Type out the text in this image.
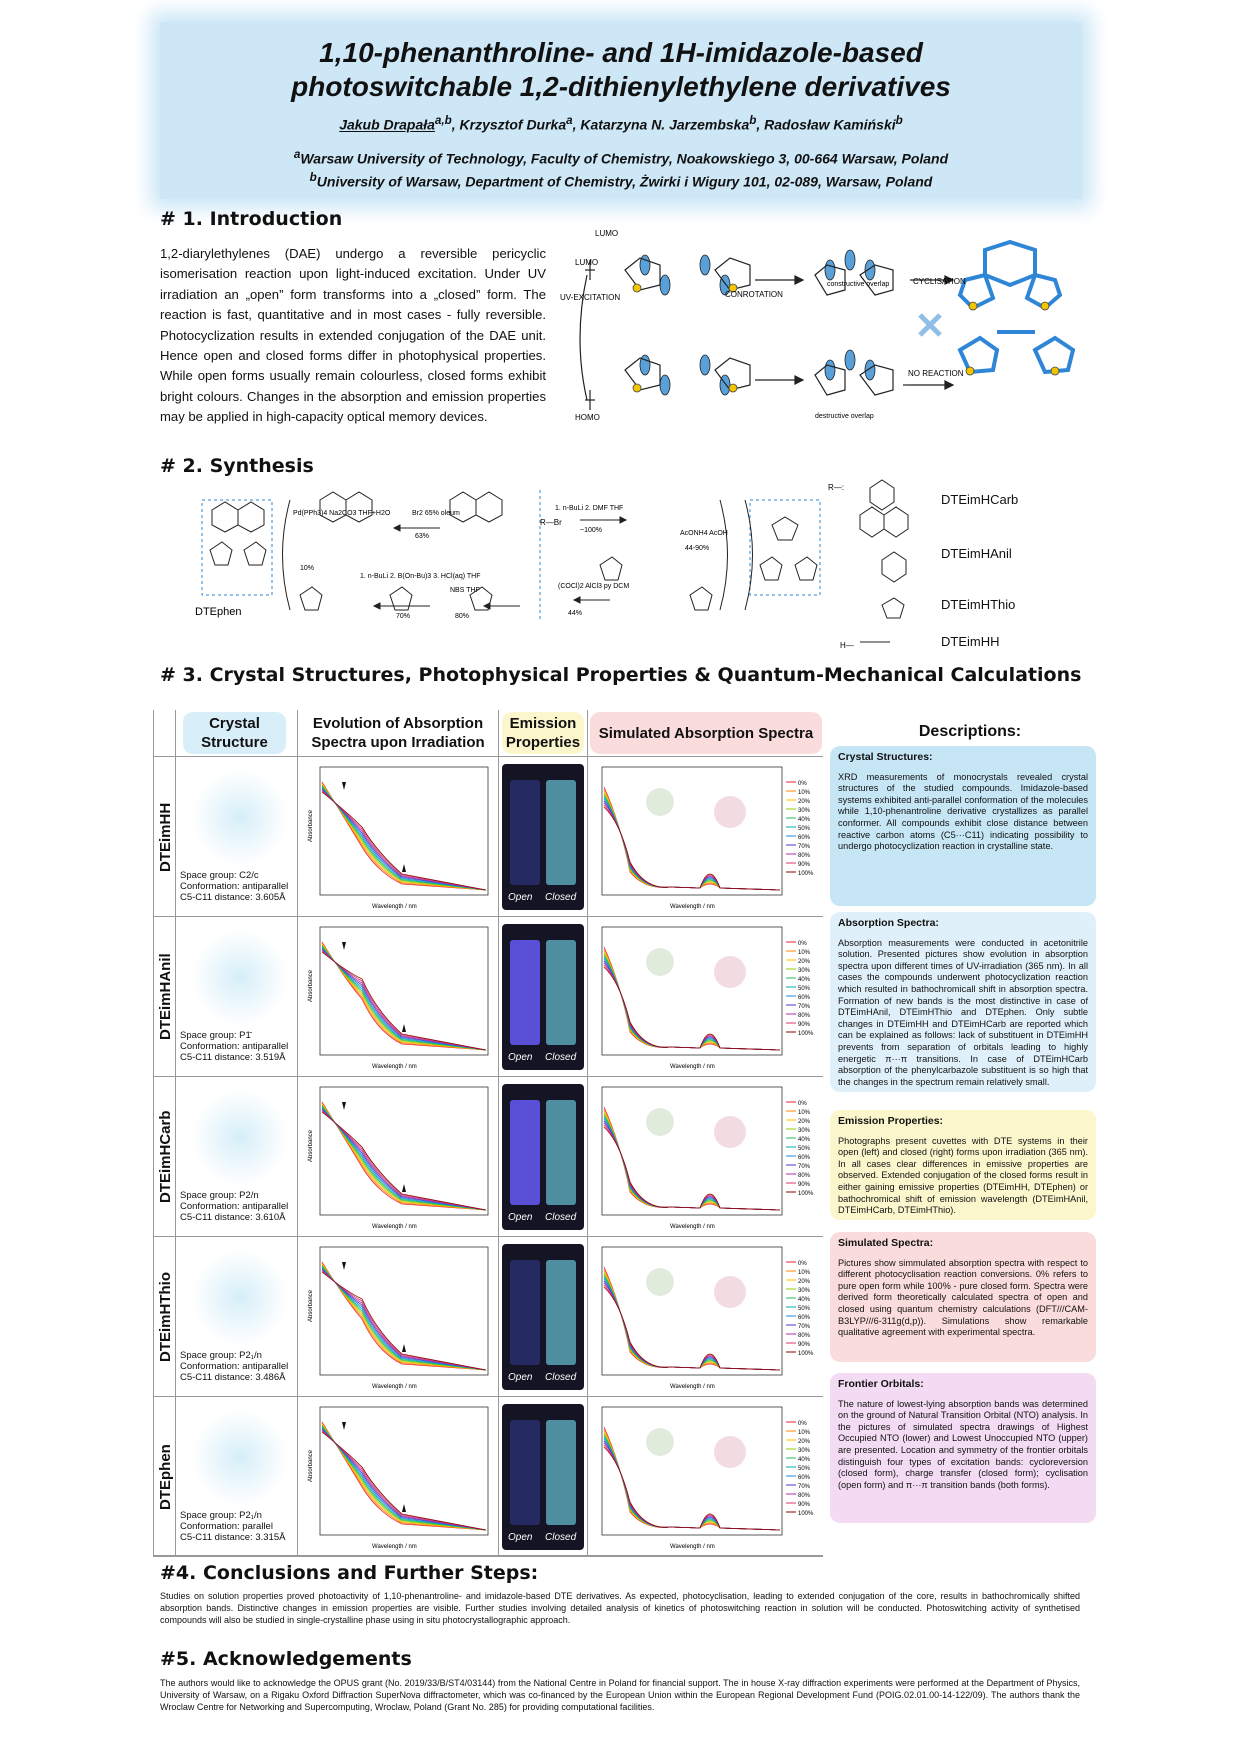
1,10-phenanthroline- and 1H-imidazole-based
photoswitchable 1,2-dithienylethylene derivatives
Jakub Drapała$^{a,b}$, Krzysztof Durka$^a$, Katarzyna N. Jarzembska$^b$, Radosław Kamiński$^b$
$^a$Warsaw University of Technology, Faculty of Chemistry, Noakowskiego 3, 00-664 Warsaw, Poland
$^b$University of Warsaw, Department of Chemistry, Żwirki i Wigury 101, 02-089, Warsaw, Poland
# 1. Introduction
1,2-diarylethylenes (DAE) undergo a reversible pericyclic isomerisation reaction upon light-induced excitation. Under UV irradiation an „open” form transforms into a „closed” form. The reaction is fast, quantitative and in most cases - fully reversible. Photocyclization results in extended conjugation of the DAE unit. Hence open and closed forms differ in photophysical properties. While open forms usually remain colourless, closed forms exhibit bright colours. Changes in the absorption and emission properties may be applied in high-capacity optical memory devices.
LUMO
LUMO
UV-EXCITATION
HOMO
CONROTATION
constructive overlap
destructive overlap
CYCLISATION
NO REACTION
# 2. Synthesis
DTEphen
Br2 65% oleum
63%
Pd(PPh3)4 Na2CO3 THF+H2O
10%
1. n-BuLi 2. B(On-Bu)3 3. HCl(aq) THF
70%
NBS THF
80%
1. n-BuLi 2. DMF THF
~100%
R—Br
(COCl)2 AlCl3 py DCM
44%
AcONH4 AcOH
44-90%
R—:
H—
DTEimHCarb
DTEimHAnil
DTEimHThio
DTEimHH
# 3. Crystal Structures, Photophysical Properties & Quantum-Mechanical Calculations
Crystal Structure
Evolution of Absorption Spectra upon Irradiation
Emission Properties
Simulated Absorption Spectra	Descriptions:
DTEimHH
Space group: C2/c
Conformation: antiparallel
C5-C11 distance: 3.605Å
Wavelength / nm
Absorbance
Open Closed
0%
10%
20%
30%
40%
50%
60%
70%
80%
90%
100%
Wavelength / nm
DTEimHAnil Space group: P1̄
Conformation: antiparallel
C5-C11 distance: 3.519Å
Wavelength / nm
Absorbance
Open Closed
0%
10%
20%
30%
40%
50%
60%
70%
80%
90%
100%
Wavelength / nm
DTEimHCarb Space group: P2/n
Conformation: antiparallel
C5-C11 distance: 3.610Å
Wavelength / nm
Absorbance
Open Closed
0%
10%
20%
30%
40%
50%
60%
70%
80%
90%
100%
Wavelength / nm
DTEimHThio Space group: P2₁/n
Conformation: antiparallel
C5-C11 distance: 3.486Å
Wavelength / nm
Absorbance
Open Closed
0%
10%
20%
30%
40%
50%
60%
70%
80%
90%
100%
Wavelength / nm
DTEphen
Space group: P2₁/n
Conformation: parallel
C5-C11 distance: 3.315Å
Wavelength / nm
Absorbance
Open Closed
0%
10%
20%
30%
40%
50%
60%
70%
80%
90%
100%
Wavelength / nm
Crystal Structures:
XRD measurements of monocrystals revealed crystal structures of the studied compounds. Imidazole-based systems exhibited anti-parallel conformation of the molecules while 1,10-phenantroline derivative crystallizes as parallel conformer. All compounds exhibit close distance between reactive carbon atoms (C5···C11) indicating possibility to undergo photocyclization reaction in crystalline state.
Absorption Spectra:
Absorption measurements were conducted in acetonitrile solution. Presented pictures show evolution in absorption spectra upon different times of UV-irradiation (365 nm). In all cases the compounds underwent photocyclization reaction which resulted in bathochromicall shift in absorption spectra. Formation of new bands is the most distinctive in case of DTEimHAnil, DTEimHThio and DTEphen. Only subtle changes in DTEimHH and DTEimHCarb are reported which can be explained as follows: lack of substituent in DTEimHH prevents from separation of orbitals leading to highly energetic π···π transitions. In case of DTEimHCarb absorption of the phenylcarbazole substituent is so high that the changes in the spectrum remain relatively small.
Emission Properties:
Photographs present cuvettes with DTE systems in their open (left) and closed (right) forms upon irradiation (365 nm). In all cases clear differences in emissive properties are observed. Extended conjugation of the closed forms result in either gaining emissive properties (DTEimHH, DTEphen) or bathochromical shift of emission wavelength (DTEimHAnil, DTEimHCarb, DTEimHThio).
Simulated Spectra:
Pictures show simmulated absorption spectra with respect to different photocyclisation reaction conversions. 0% refers to pure open form while 100% - pure closed form. Spectra were derived form theoretically calculated spectra of open and closed using quantum chemistry calculations (DFT///CAM-B3LYP///6-311g(d,p)). Simulations show remarkable qualitative agreement with experimental spectra.
Frontier Orbitals:
The nature of lowest-lying absorption bands was determined on the ground of Natural Transition Orbital (NTO) analysis. In the pictures of simulated spectra drawings of Highest Occupied NTO (lower) and Lowest Unoccupied NTO (upper) are presented. Location and symmetry of the frontier orbitals distinguish four types of excitation bands: cycloreversion (closed form), charge transfer (closed form); cyclisation (open form) and π···π transition bands (both forms).
#4. Conclusions and Further Steps:
Studies on solution properties proved photoactivity of 1,10-phenantroline- and imidazole-based DTE derivatives. As expected, photocyclisation, leading to extended conjugation of the core, results in bathochromically shifted absorption bands. Distinctive changes in emission properties are visible. Further studies involving detailed analysis of kinetics of photoswitching reaction in solution will be conducted. Photoswitching activity of synthetised compounds will also be studied in single-crystalline phase using in situ photocrystallographic approach.
#5. Acknowledgements
The authors would like to acknowledge the OPUS grant (No. 2019/33/B/ST4/03144) from the National Centre in Poland for financial support. The in house X-ray diffraction experiments were performed at the Department of Physics, University of Warsaw, on a Rigaku Oxford Diffraction SuperNova diffractometer, which was co-financed by the European Union within the European Regional Development Fund (POIG.02.01.00-14-122/09). The authors thank the Wroclaw Centre for Networking and Supercomputing, Wroclaw, Poland (Grant No. 285) for providing computational facilities.
